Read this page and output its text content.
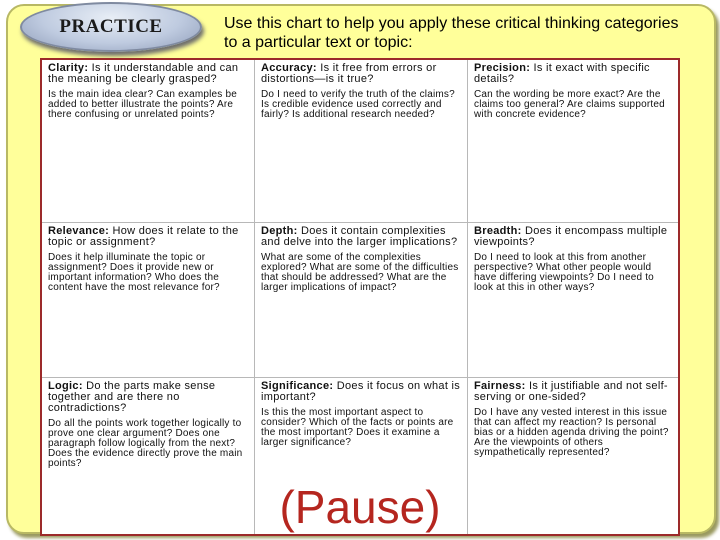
PRACTICE	Use this chart to help you apply these critical thinking categories to a particular text or topic:
Clarity: Is it understandable and can the meaning be clearly grasped?
Is the main idea clear? Can examples be added to better illustrate the points? Are there confusing or unrelated points?
Accuracy: Is it free from errors or distortions—is it true?
Do I need to verify the truth of the claims? Is credible evidence used correctly and fairly? Is additional research needed?
Precision: Is it exact with specific details?
Can the wording be more exact? Are the claims too general? Are claims supported with concrete evidence?
Relevance: How does it relate to the topic or assignment?
Does it help illuminate the topic or assignment? Does it provide new or important information? Who does the content have the most relevance for?
Depth: Does it contain complexities and delve into the larger implications?
What are some of the complexities explored? What are some of the difficulties that should be addressed? What are the larger implications of impact?
Breadth: Does it encompass multiple viewpoints?
Do I need to look at this from another perspective? What other people would have differing viewpoints? Do I need to look at this in other ways?
Logic: Do the parts make sense together and are there no contradictions?
Do all the points work together logically to prove one clear argument? Does one paragraph follow logically from the next? Does the evidence directly prove the main points?
Significance: Does it focus on what is important?
Is this the most important aspect to consider? Which of the facts or points are the most important? Does it examine a larger significance?
Fairness: Is it justifiable and not self-serving or one-sided?
Do I have any vested interest in this issue that can affect my reaction? Is personal bias or a hidden agenda driving the point? Are the viewpoints of others sympathetically represented?
(Pause)
